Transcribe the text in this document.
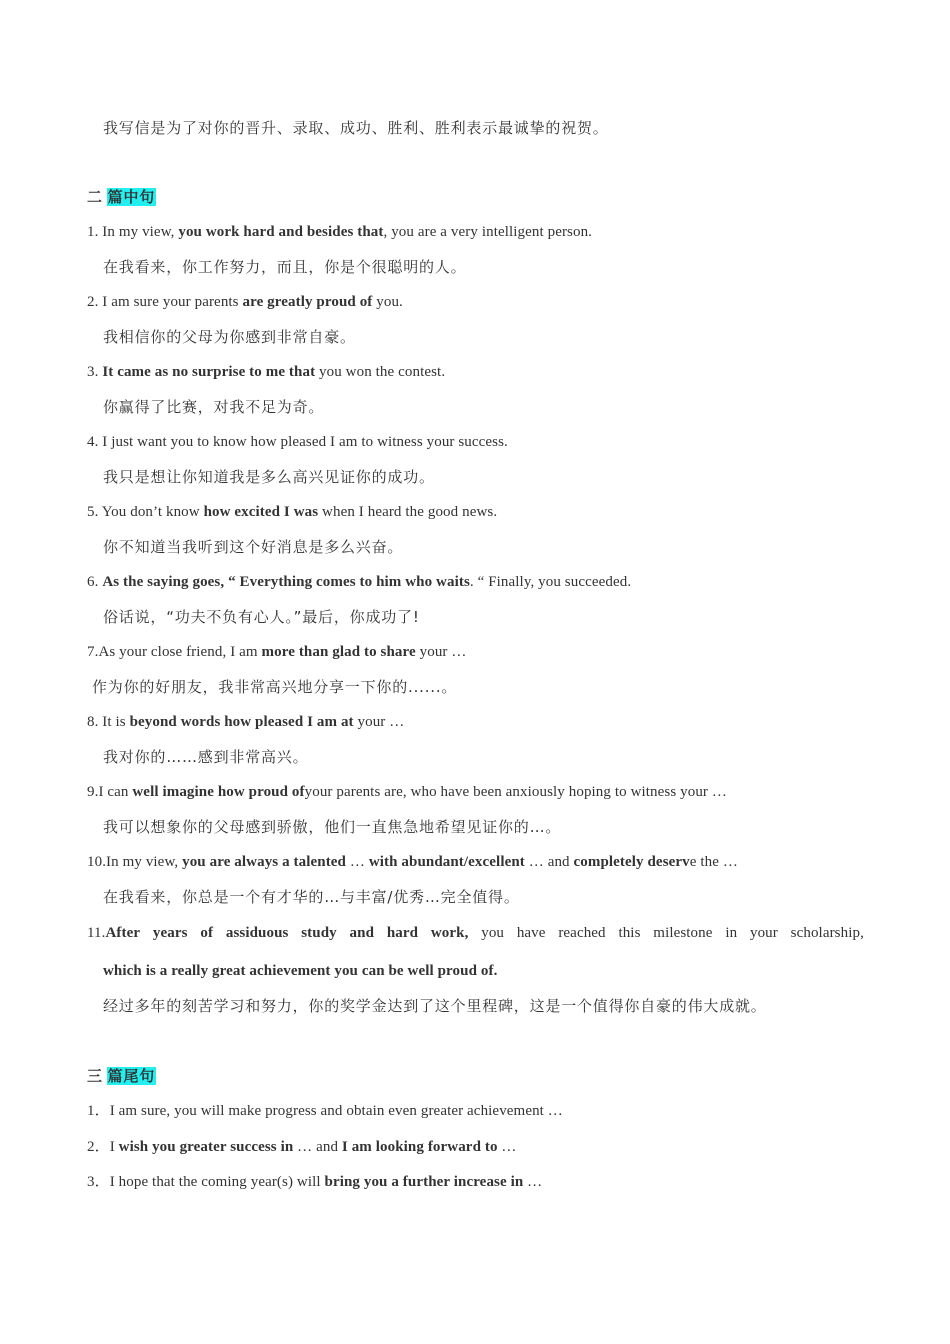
我写信是为了对你的晋升、录取、成功、胜利、胜利表示最诚挚的祝贺。
二 篇中句
1. In my view, you work hard and besides that, you are a very intelligent person.
在我看来，你工作努力，而且，你是个很聪明的人。
2. I am sure your parents are greatly proud of you.
我相信你的父母为你感到非常自豪。
3. It came as no surprise to me that you won the contest.
你赢得了比赛，对我不足为奇。
4. I just want you to know how pleased I am to witness your success.
我只是想让你知道我是多么高兴见证你的成功。
5. You don’t know how excited I was when I heard the good news.
你不知道当我听到这个好消息是多么兴奋。
6. As the saying goes, “ Everything comes to him who waits. “ Finally, you succeeded.
俗话说，“功夫不负有心人。”最后，你成功了!
7.As your close friend, I am more than glad to share your …
作为你的好朋友，我非常高兴地分享一下你的......。
8. It is beyond words how pleased I am at your …
我对你的……感到非常高兴。
9.I can well imagine how proud ofyour parents are, who have been anxiously hoping to witness your …
我可以想象你的父母感到骄傲，他们一直焦急地希望见证你的…。
10.In my view, you are always a talented … with abundant/excellent … and completely deserve the …
在我看来，你总是一个有才华的…与丰富/优秀…完全值得。
11.After years of assiduous study and hard work, you have reached this milestone in your scholarship,
which is a really great achievement you can be well proud of.
经过多年的刻苦学习和努力，你的奖学金达到了这个里程碑，这是一个值得你自豪的伟大成就。
三 篇尾句
1．I am sure, you will make progress and obtain even greater achievement …
2．I wish you greater success in … and I am looking forward to …
3．I hope that the coming year(s) will bring you a further increase in …
